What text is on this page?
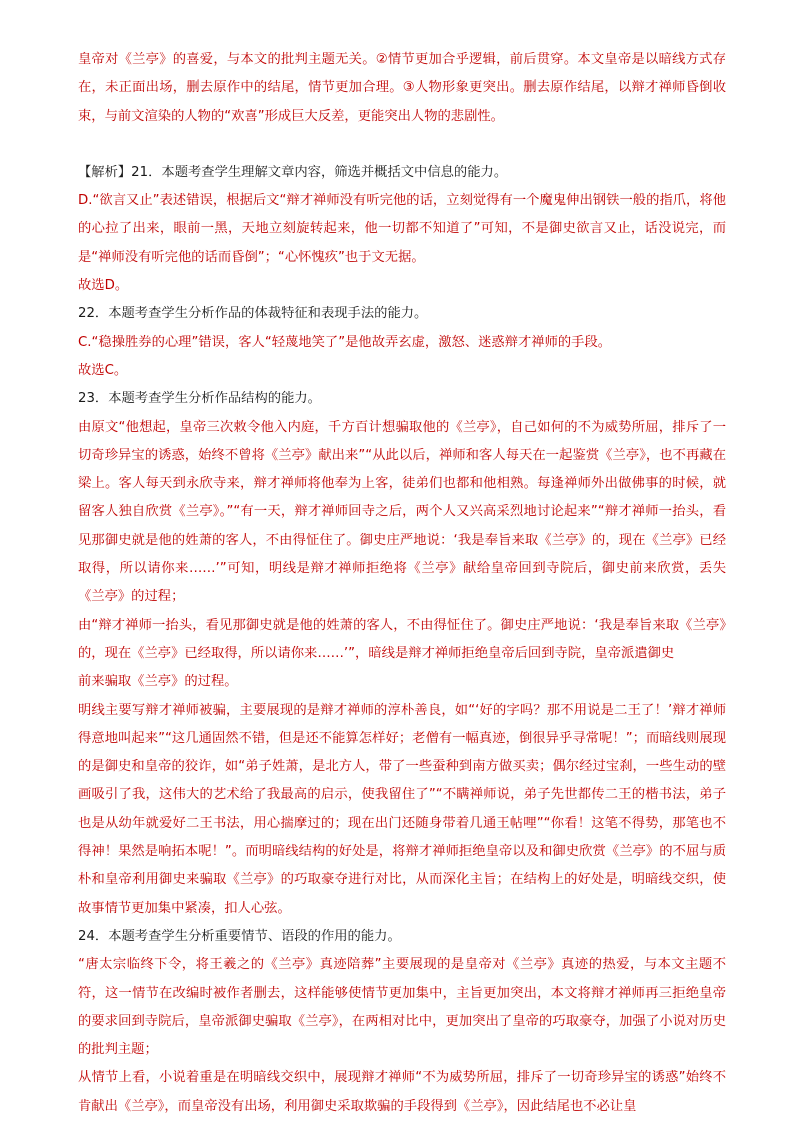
皇帝对《兰亭》的喜爱，与本文的批判主题无关。②情节更加合乎逻辑，前后贯穿。本文皇帝是以暗线方式存在，未正面出场，删去原作中的结尾，情节更加合理。③人物形象更突出。删去原作结尾，以辩才禅师昏倒收束，与前文渲染的人物的“欢喜”形成巨大反差，更能突出人物的悲剧性。

【解析】21．本题考查学生理解文章内容，筛选并概括文中信息的能力。

D.“欲言又止”表述错误，根据后文“辩才禅师没有听完他的话，立刻觉得有一个魔鬼伸出钢铁一般的指爪，将他的心拉了出来，眼前一黑，天地立刻旋转起来，他一切都不知道了”可知，不是御史欲言又止，话没说完，而是“禅师没有听完他的话而昏倒”；“心怀愧疚”也于文无据。

故选D。

22．本题考查学生分析作品的体裁特征和表现手法的能力。

C.“稳操胜券的心理”错误，客人“轻蔑地笑了”是他故弄玄虚，激怒、迷惑辩才禅师的手段。

故选C。

23．本题考查学生分析作品结构的能力。

由原文“他想起，皇帝三次敕令他入内庭，千方百计想骗取他的《兰亭》，自己如何的不为威势所屈，排斥了一切奇珍异宝的诱惑，始终不曾将《兰亭》献出来”“从此以后，禅师和客人每天在一起鉴赏《兰亭》，也不再藏在梁上。客人每天到永欣寺来，辩才禅师将他奉为上客，徒弟们也都和他相熟。每逢禅师外出做佛事的时候，就留客人独自欣赏《兰亭》。”“有一天，辩才禅师回寺之后，两个人又兴高采烈地讨论起来”“辩才禅师一抬头，看见那御史就是他的姓萧的客人，不由得怔住了。御史庄严地说：‘我是奉旨来取《兰亭》的，现在《兰亭》已经取得，所以请你来……’”可知，明线是辩才禅师拒绝将《兰亭》献给皇帝回到寺院后，御史前来欣赏，丢失《兰亭》的过程；

由“辩才禅师一抬头，看见那御史就是他的姓萧的客人，不由得怔住了。御史庄严地说：‘我是奉旨来取《兰亭》的，现在《兰亭》已经取得，所以请你来……’”，暗线是辩才禅师拒绝皇帝后回到寺院，皇帝派遣御史

前来骗取《兰亭》的过程。

明线主要写辩才禅师被骗，主要展现的是辩才禅师的淳朴善良，如“‘好的字吗？那不用说是二王了！’辩才禅师得意地叫起来”“这几通固然不错，但是还不能算怎样好；老僧有一幅真迹，倒很异乎寻常呢！”；而暗线则展现的是御史和皇帝的狡诈，如“弟子姓萧，是北方人，带了一些蚕种到南方做买卖；偶尔经过宝刹，一些生动的壁画吸引了我，这伟大的艺术给了我最高的启示，使我留住了”“不瞒禅师说，弟子先世都传二王的楷书法，弟子也是从幼年就爱好二王书法，用心揣摩过的；现在出门还随身带着几通王帖哩”“你看！这笔不得势，那笔也不得神！果然是响拓本呢！”。而明暗线结构的好处是，将辩才禅师拒绝皇帝以及和御史欣赏《兰亭》的不屈与质朴和皇帝利用御史来骗取《兰亭》的巧取豪夺进行对比，从而深化主旨；在结构上的好处是，明暗线交织，使故事情节更加集中紧凑，扣人心弦。

24．本题考查学生分析重要情节、语段的作用的能力。

“唐太宗临终下令，将王羲之的《兰亭》真迹陪葬”主要展现的是皇帝对《兰亭》真迹的热爱，与本文主题不符，这一情节在改编时被作者删去，这样能够使情节更加集中，主旨更加突出，本文将辩才禅师再三拒绝皇帝的要求回到寺院后，皇帝派御史骗取《兰亭》，在两相对比中，更加突出了皇帝的巧取豪夺，加强了小说对历史的批判主题；

从情节上看，小说着重是在明暗线交织中，展现辩才禅师“不为威势所屈，排斥了一切奇珍异宝的诱惑”始终不肯献出《兰亭》，而皇帝没有出场，利用御史采取欺骗的手段得到《兰亭》，因此结尾也不必让皇
